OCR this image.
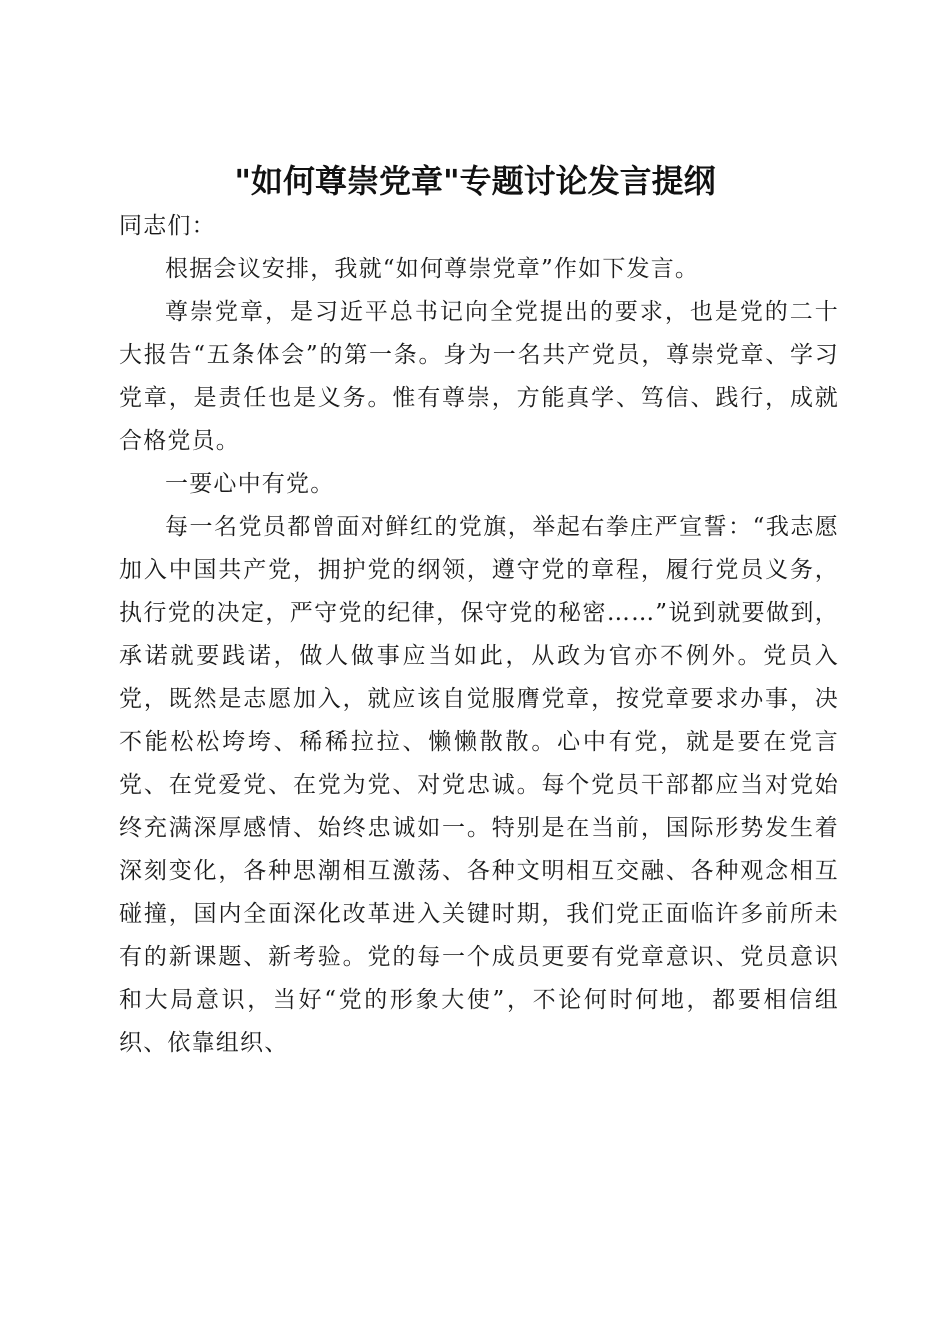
"如何尊崇党章"专题讨论发言提纲

同志们：

根据会议安排，我就“如何尊崇党章”作如下发言。

尊崇党章，是习近平总书记向全党提出的要求，也是党的二十大报告“五条体会”的第一条。身为一名共产党员，尊崇党章、学习党章，是责任也是义务。惟有尊崇，方能真学、笃信、践行，成就合格党员。

一要心中有党。

每一名党员都曾面对鲜红的党旗，举起右拳庄严宣誓：“我志愿加入中国共产党，拥护党的纲领，遵守党的章程，履行党员义务，执行党的决定，严守党的纪律，保守党的秘密……”说到就要做到，承诺就要践诺，做人做事应当如此，从政为官亦不例外。党员入党，既然是志愿加入，就应该自觉服膺党章，按党章要求办事，决不能松松垮垮、稀稀拉拉、懒懒散散。心中有党，就是要在党言党、在党爱党、在党为党、对党忠诚。每个党员干部都应当对党始终充满深厚感情、始终忠诚如一。特别是在当前，国际形势发生着深刻变化，各种思潮相互激荡、各种文明相互交融、各种观念相互碰撞，国内全面深化改革进入关键时期，我们党正面临许多前所未有的新课题、新考验。党的每一个成员更要有党章意识、党员意识和大局意识，当好“党的形象大使”，不论何时何地，都要相信组织、依靠组织、
